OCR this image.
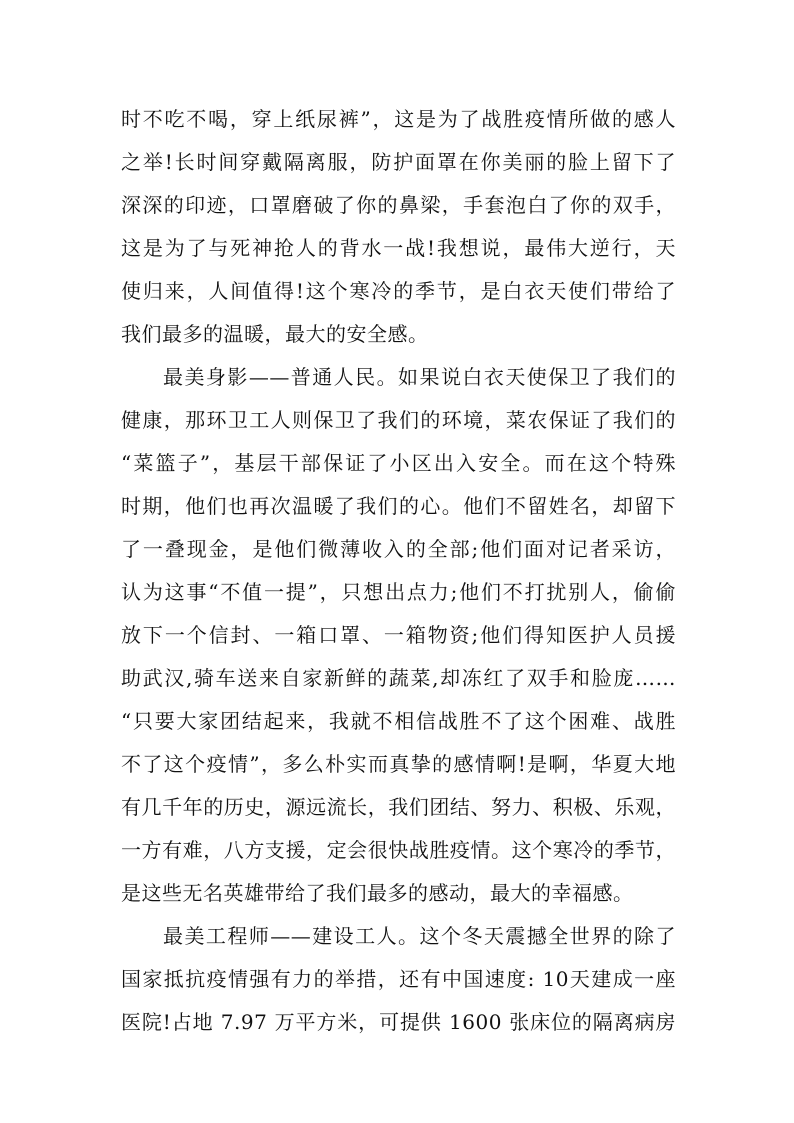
时不吃不喝，穿上纸尿裤”，这是为了战胜疫情所做的感人
之举!长时间穿戴隔离服，防护面罩在你美丽的脸上留下了
深深的印迹，口罩磨破了你的鼻梁，手套泡白了你的双手，
这是为了与死神抢人的背水一战!我想说，最伟大逆行，天
使归来，人间值得!这个寒冷的季节，是白衣天使们带给了
我们最多的温暖，最大的安全感。
最美身影——普通人民。如果说白衣天使保卫了我们的
健康，那环卫工人则保卫了我们的环境，菜农保证了我们的
“菜篮子”，基层干部保证了小区出入安全。而在这个特殊
时期，他们也再次温暖了我们的心。他们不留姓名，却留下
了一叠现金，是他们微薄收入的全部;他们面对记者采访，
认为这事“不值一提”，只想出点力;他们不打扰别人，偷偷
放下一个信封、一箱口罩、一箱物资;他们得知医护人员援
助武汉,骑车送来自家新鲜的蔬菜,却冻红了双手和脸庞……
“只要大家团结起来，我就不相信战胜不了这个困难、战胜
不了这个疫情”，多么朴实而真挚的感情啊!是啊，华夏大地
有几千年的历史，源远流长，我们团结、努力、积极、乐观，
一方有难，八方支援，定会很快战胜疫情。这个寒冷的季节，
是这些无名英雄带给了我们最多的感动，最大的幸福感。
最美工程师——建设工人。这个冬天震撼全世界的除了
国家抵抗疫情强有力的举措，还有中国速度: 10天建成一座
医院!占地 7.97 万平方米，可提供 1600 张床位的隔离病房
